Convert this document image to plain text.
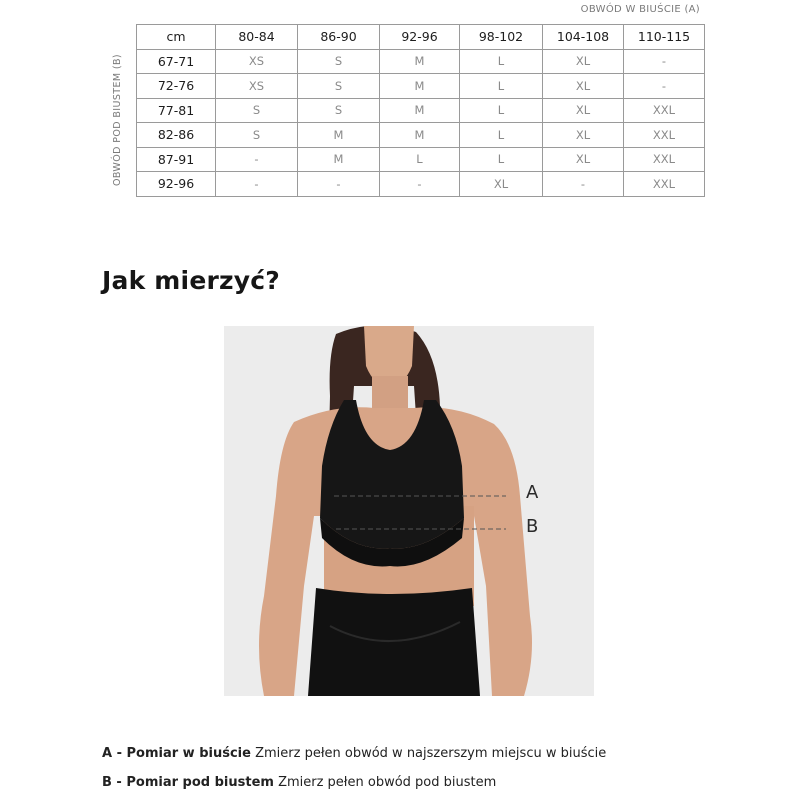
OBWÓD W BIUŚCIE (A)
OBWÓD POD BIUSTEM (B)
cm	80-84	86-90	92-96	98-102	104-108	110-115
67-71	XS	S	M	L	XL	-
72-76	XS	S	M	L	XL	-
77-81	S	S	M	L	XL	XXL
82-86	S	M	M	L	XL	XXL
87-91	-	M	L	L	XL	XXL
92-96	-	-	-	XL	-	XXL
Jak mierzyć?
A
B
A - Pomiar w biuście Zmierz pełen obwód w najszerszym miejscu w biuście
B - Pomiar pod biustem Zmierz pełen obwód pod biustem
